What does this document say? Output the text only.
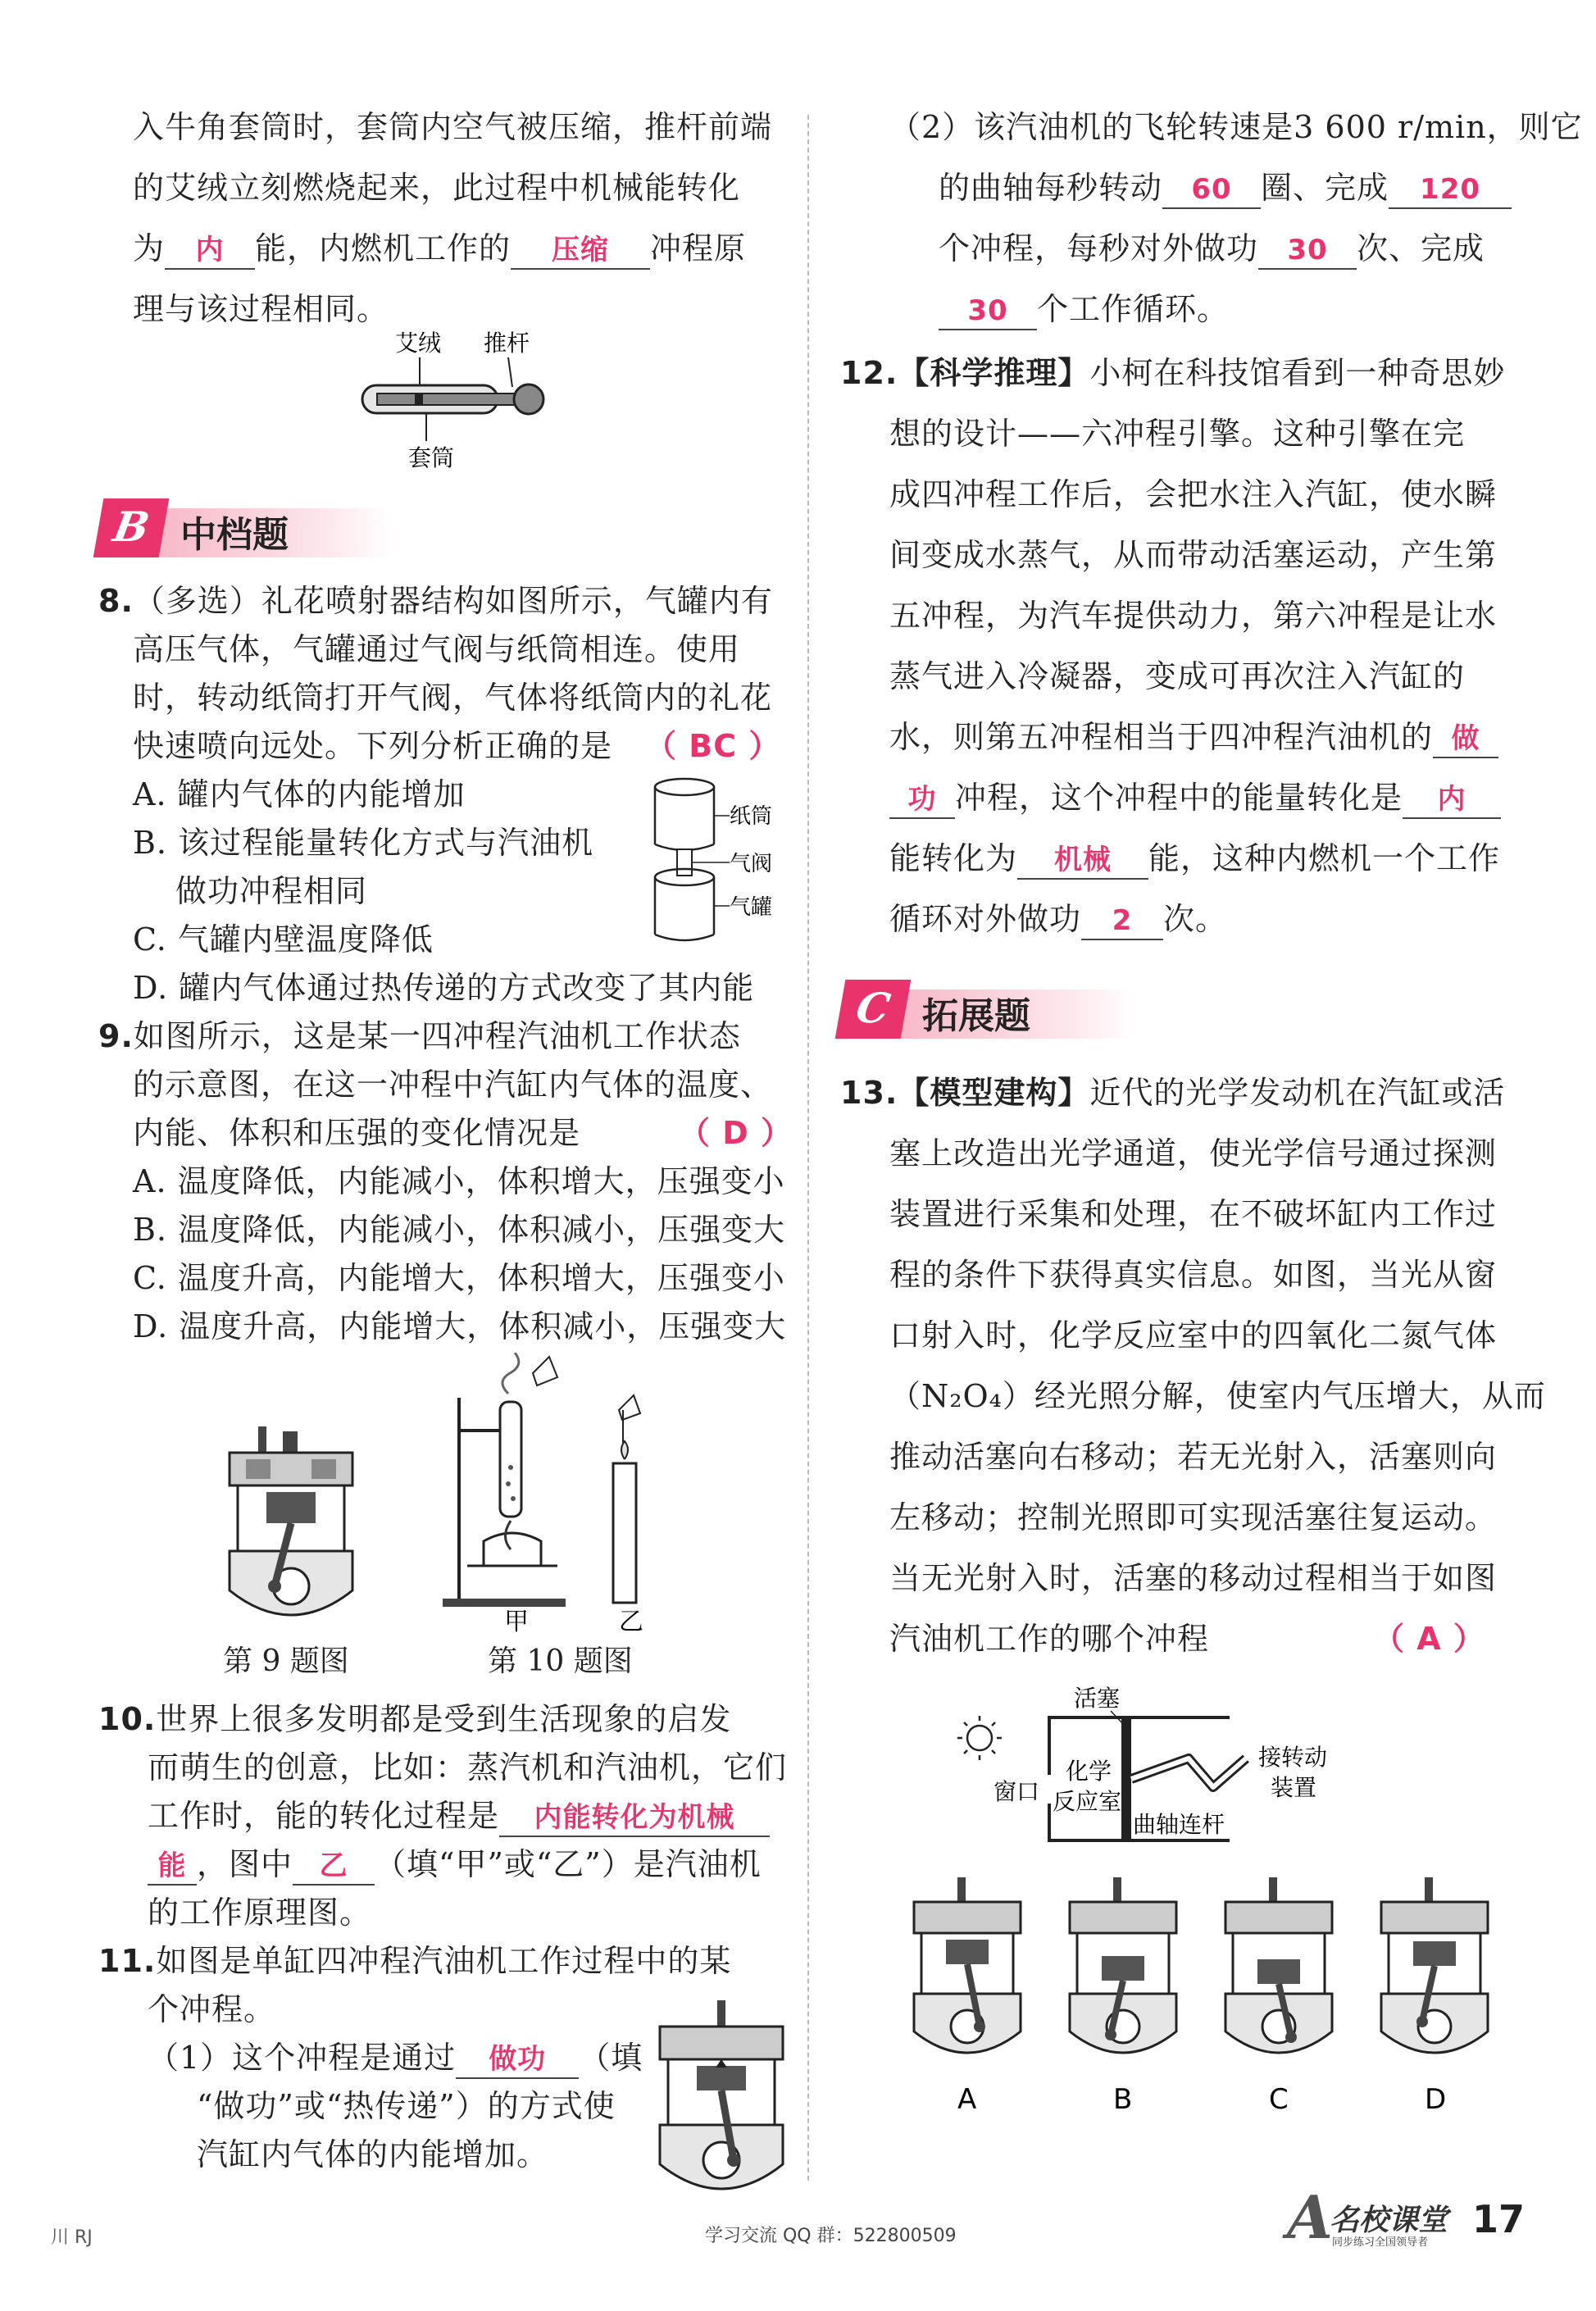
入牛角套筒时，套筒内空气被压缩，推杆前端
的艾绒立刻燃烧起来，此过程中机械能转化
为 内 能，内燃机工作的 压缩 冲程原
理与该过程相同。
艾绒 推杆
套筒
B 中档题
8.（多选）礼花喷射器结构如图所示，气罐内有
高压气体，气罐通过气阀与纸筒相连。使用
时，转动纸筒打开气阀，气体将纸筒内的礼花
快速喷向远处。下列分析正确的是 （ BC ）
A. 罐内气体的内能增加
B. 该过程能量转化方式与汽油机
做功冲程相同
C. 气罐内壁温度降低
D. 罐内气体通过热传递的方式改变了其内能
纸筒
气阀
气罐
9.如图所示，这是某一四冲程汽油机工作状态
的示意图，在这一冲程中汽缸内气体的温度、
内能、体积和压强的变化情况是	（ D ）
A. 温度降低，内能减小，体积增大，压强变小
B. 温度降低，内能减小，体积减小，压强变大
C. 温度升高，内能增大，体积增大，压强变小
D. 温度升高，内能增大，体积减小，压强变大
甲	乙
第 9 题图	第 10 题图
10.世界上很多发明都是受到生活现象的启发
而萌生的创意，比如：蒸汽机和汽油机，它们
工作时，能的转化过程是 内能转化为机械
能 ，图中 乙 （填“甲”或“乙”）是汽油机
的工作原理图。
11.如图是单缸四冲程汽油机工作过程中的某
个冲程。
（1）这个冲程是通过 做功 （填
“做功”或“热传递”）的方式使
汽缸内气体的内能增加。
（2）该汽油机的飞轮转速是3 600 r/min，则它
的曲轴每秒转动 60 圈、完成 120
个冲程，每秒对外做功 30 次、完成
30 个工作循环。
12.【科学推理】小柯在科技馆看到一种奇思妙
想的设计——六冲程引擎。这种引擎在完
成四冲程工作后，会把水注入汽缸，使水瞬
间变成水蒸气，从而带动活塞运动，产生第
五冲程，为汽车提供动力，第六冲程是让水
蒸气进入冷凝器，变成可再次注入汽缸的
水，则第五冲程相当于四冲程汽油机的 做
功 冲程，这个冲程中的能量转化是 内
能转化为 机械 能，这种内燃机一个工作
循环对外做功 2 次。
C 拓展题
13.【模型建构】近代的光学发动机在汽缸或活
塞上改造出光学通道，使光学信号通过探测
装置进行采集和处理，在不破坏缸内工作过
程的条件下获得真实信息。如图，当光从窗
口射入时，化学反应室中的四氧化二氮气体
（N₂O₄）经光照分解，使室内气压增大，从而
推动活塞向右移动；若无光射入，活塞则向
左移动；控制光照即可实现活塞往复运动。
当无光射入时，活塞的移动过程相当于如图
汽油机工作的哪个冲程	（ A ）
活塞
窗口
化学
反应室
曲轴连杆
接转动
装置
A	B	C	D
川 RJ	学习交流 QQ 群：522800509	A
名校课堂
同步练习全国领导者
17
